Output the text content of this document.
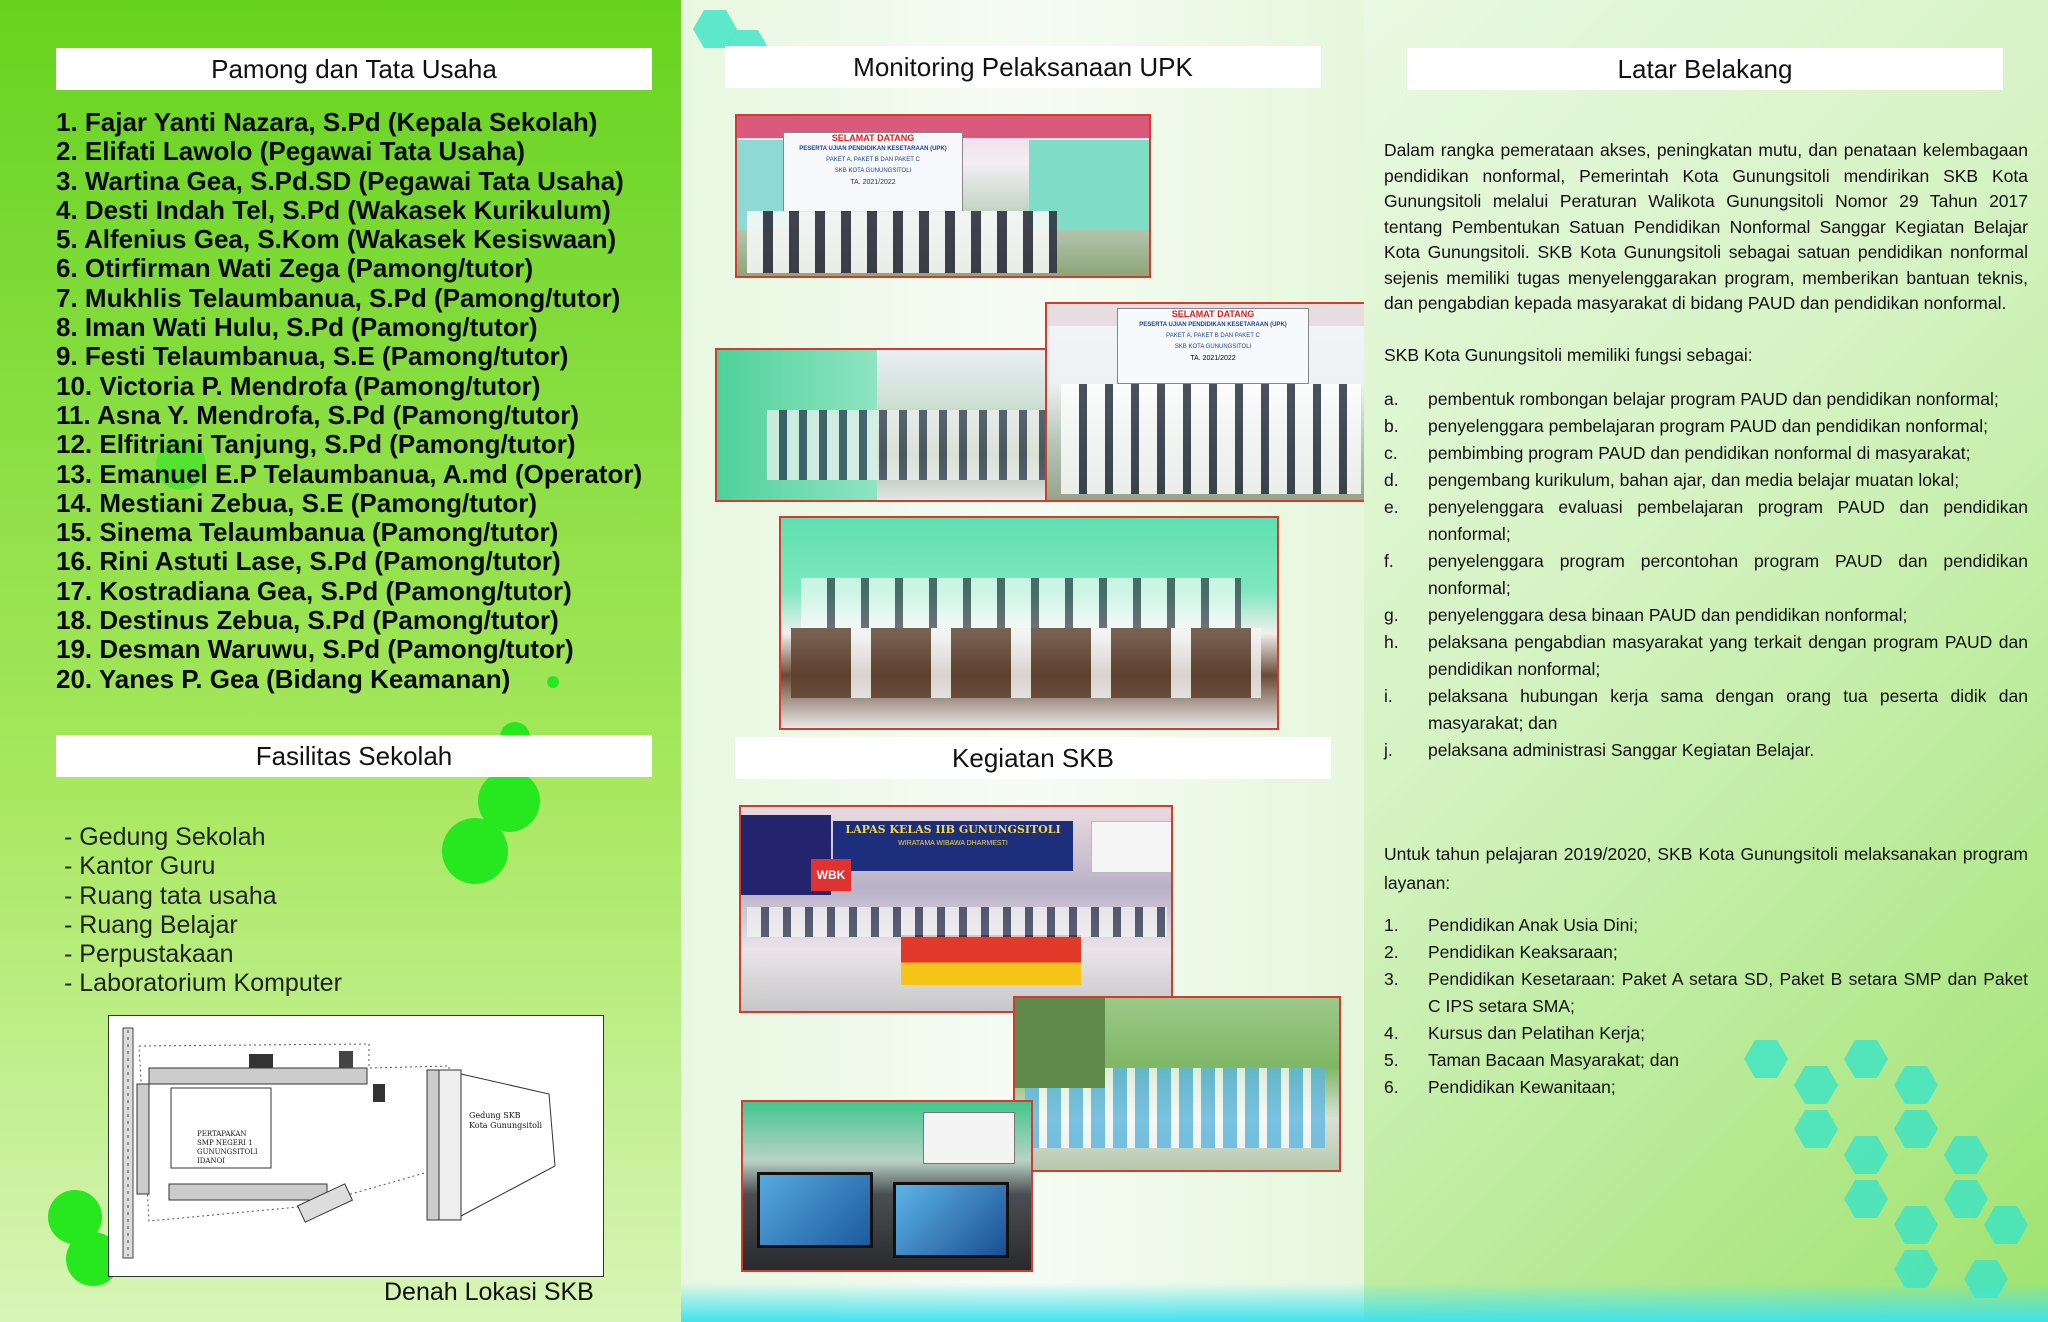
Pamong dan Tata Usaha
1. Fajar Yanti Nazara, S.Pd (Kepala Sekolah)
2. Elifati Lawolo (Pegawai Tata Usaha)
3. Wartina Gea, S.Pd.SD (Pegawai Tata Usaha)
4. Desti Indah Tel, S.Pd (Wakasek Kurikulum)
5. Alfenius Gea, S.Kom (Wakasek Kesiswaan)
6. Otirfirman Wati Zega (Pamong/tutor)
7. Mukhlis Telaumbanua, S.Pd (Pamong/tutor)
8. Iman Wati Hulu, S.Pd (Pamong/tutor)
9. Festi Telaumbanua, S.E (Pamong/tutor)
10. Victoria P. Mendrofa (Pamong/tutor)
11. Asna Y. Mendrofa, S.Pd (Pamong/tutor)
12. Elfitriani Tanjung, S.Pd (Pamong/tutor)
13. Emanuel E.P Telaumbanua, A.md (Operator)
14. Mestiani Zebua, S.E (Pamong/tutor)
15. Sinema Telaumbanua (Pamong/tutor)
16. Rini Astuti Lase, S.Pd (Pamong/tutor)
17. Kostradiana Gea, S.Pd (Pamong/tutor)
18. Destinus Zebua, S.Pd (Pamong/tutor)
19. Desman Waruwu, S.Pd (Pamong/tutor)
20. Yanes P. Gea (Bidang Keamanan)
Fasilitas Sekolah
- Gedung Sekolah
- Kantor Guru
- Ruang tata usaha
- Ruang Belajar
- Perpustakaan
- Laboratorium Komputer
PERTAPAKAN SMP NEGERI 1 GUNUNGSITOLI IDANOI
Gedung SKB Kota Gunungsitoli
Denah Lokasi SKB
Monitoring Pelaksanaan UPK
SELAMAT DATANG
PESERTA UJIAN PENDIDIKAN KESETARAAN (UPK)
PAKET A, PAKET B DAN PAKET C
SKB KOTA GUNUNGSITOLI
TA. 2021/2022
SELAMAT DATANG
PESERTA UJIAN PENDIDIKAN KESETARAAN (UPK)
PAKET A, PAKET B DAN PAKET C
SKB KOTA GUNUNGSITOLI
TA. 2021/2022
Kegiatan SKB
LAPAS KELAS IIB GUNUNGSITOLI
WIRATAMA WIBAWA DHARMESTI
WBK
Latar Belakang
Dalam rangka pemerataan akses, peningkatan mutu, dan penataan kelembagaan pendidikan nonformal, Pemerintah Kota Gunungsitoli mendirikan SKB Kota Gunungsitoli melalui Peraturan Walikota Gunungsitoli Nomor 29 Tahun 2017 tentang Pembentukan Satuan Pendidikan Nonformal Sanggar Kegiatan Belajar Kota Gunungsitoli. SKB Kota Gunungsitoli sebagai satuan pendidikan nonformal sejenis memiliki tugas menyelenggarakan program, memberikan bantuan teknis, dan pengabdian kepada masyarakat di bidang PAUD dan pendidikan nonformal.
SKB Kota Gunungsitoli memiliki fungsi sebagai:
a.	pembentuk rombongan belajar program PAUD dan pendidikan nonformal;
b.	penyelenggara pembelajaran program PAUD dan pendidikan nonformal;
c.	pembimbing program PAUD dan pendidikan nonformal di masyarakat;
d.	pengembang kurikulum, bahan ajar, dan media belajar muatan lokal;
e.	penyelenggara evaluasi pembelajaran program PAUD dan pendidikan nonformal;
f.	penyelenggara program percontohan program PAUD dan pendidikan nonformal;
g.	penyelenggara desa binaan PAUD dan pendidikan nonformal;
h.	pelaksana pengabdian masyarakat yang terkait dengan program PAUD dan pendidikan nonformal;
i.	pelaksana hubungan kerja sama dengan orang tua peserta didik dan masyarakat; dan
j.	pelaksana administrasi Sanggar Kegiatan Belajar.
Untuk tahun pelajaran 2019/2020, SKB Kota Gunungsitoli melaksanakan program layanan:
1.	Pendidikan Anak Usia Dini;
2.	Pendidikan Keaksaraan;
3.	Pendidikan Kesetaraan: Paket A setara SD, Paket B setara SMP dan Paket C IPS setara SMA;
4.	Kursus dan Pelatihan Kerja;
5.	Taman Bacaan Masyarakat; dan
6.	Pendidikan Kewanitaan;
